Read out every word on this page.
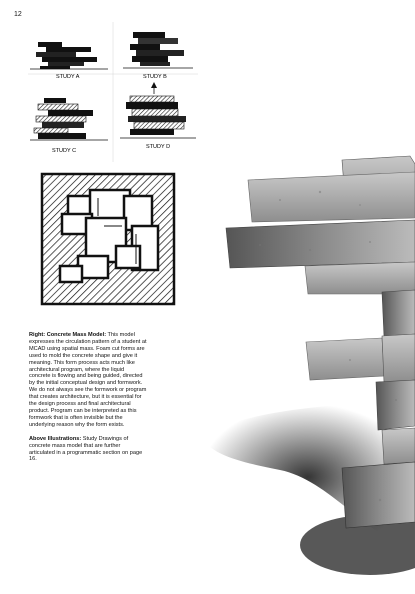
12
STUDY A	STUDY B
STUDY C
STUDY D

Right: Concrete Mass Model: This model expresses the circulation pattern of a student at MCAD using spatial mass. Foam cut forms are used to mold the concrete shape and give it meaning. This form process acts much like architectural program, where the liquid concrete is flowing and being guided, directed by the initial conceptual design and formwork. We do not always see the formwork or program that creates architecture, but it is essential for the design process and final architectural product. Program can be interpreted as this formwork that is often invisible but the underlying reason why the form exists.

Above Illustrations: Study Drawings of concrete mass model that are further articulated in a programmatic section on page 16.
